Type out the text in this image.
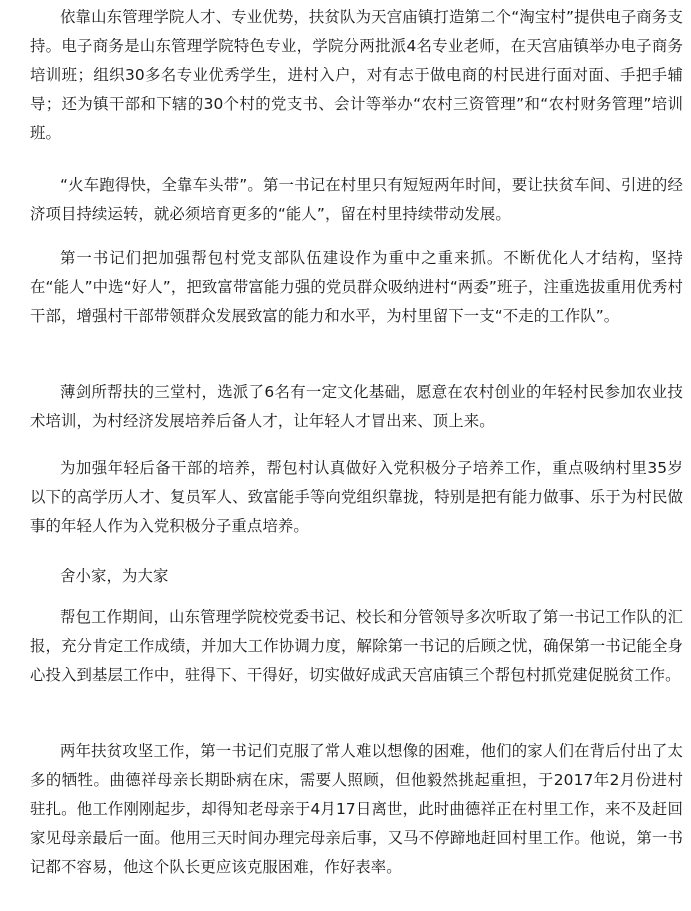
依靠山东管理学院人才、专业优势，扶贫队为天宫庙镇打造第二个“淘宝村”提供电子商务支持。电子商务是山东管理学院特色专业，学院分两批派4名专业老师，在天宫庙镇举办电子商务培训班；组织30多名专业优秀学生，进村入户，对有志于做电商的村民进行面对面、手把手辅导；还为镇干部和下辖的30个村的党支书、会计等举办“农村三资管理”和“农村财务管理”培训班。

“火车跑得快，全靠车头带”。第一书记在村里只有短短两年时间，要让扶贫车间、引进的经济项目持续运转，就必须培育更多的“能人”，留在村里持续带动发展。

第一书记们把加强帮包村党支部队伍建设作为重中之重来抓。不断优化人才结构，坚持在“能人”中选“好人”，把致富带富能力强的党员群众吸纳进村“两委”班子，注重选拔重用优秀村干部，增强村干部带领群众发展致富的能力和水平，为村里留下一支“不走的工作队”。

薄剑所帮扶的三堂村，选派了6名有一定文化基础，愿意在农村创业的年轻村民参加农业技术培训，为村经济发展培养后备人才，让年轻人才冒出来、顶上来。

为加强年轻后备干部的培养，帮包村认真做好入党积极分子培养工作，重点吸纳村里35岁以下的高学历人才、复员军人、致富能手等向党组织靠拢，特别是把有能力做事、乐于为村民做事的年轻人作为入党积极分子重点培养。

舍小家，为大家

帮包工作期间，山东管理学院校党委书记、校长和分管领导多次听取了第一书记工作队的汇报，充分肯定工作成绩，并加大工作协调力度，解除第一书记的后顾之忧，确保第一书记能全身心投入到基层工作中，驻得下、干得好，切实做好成武天宫庙镇三个帮包村抓党建促脱贫工作。

两年扶贫攻坚工作，第一书记们克服了常人难以想像的困难，他们的家人们在背后付出了太多的牺牲。曲德祥母亲长期卧病在床，需要人照顾，但他毅然挑起重担，于2017年2月份进村驻扎。他工作刚刚起步，却得知老母亲于4月17日离世，此时曲德祥正在村里工作，来不及赶回家见母亲最后一面。他用三天时间办理完母亲后事，又马不停蹄地赶回村里工作。他说，第一书记都不容易，他这个队长更应该克服困难，作好表率。
